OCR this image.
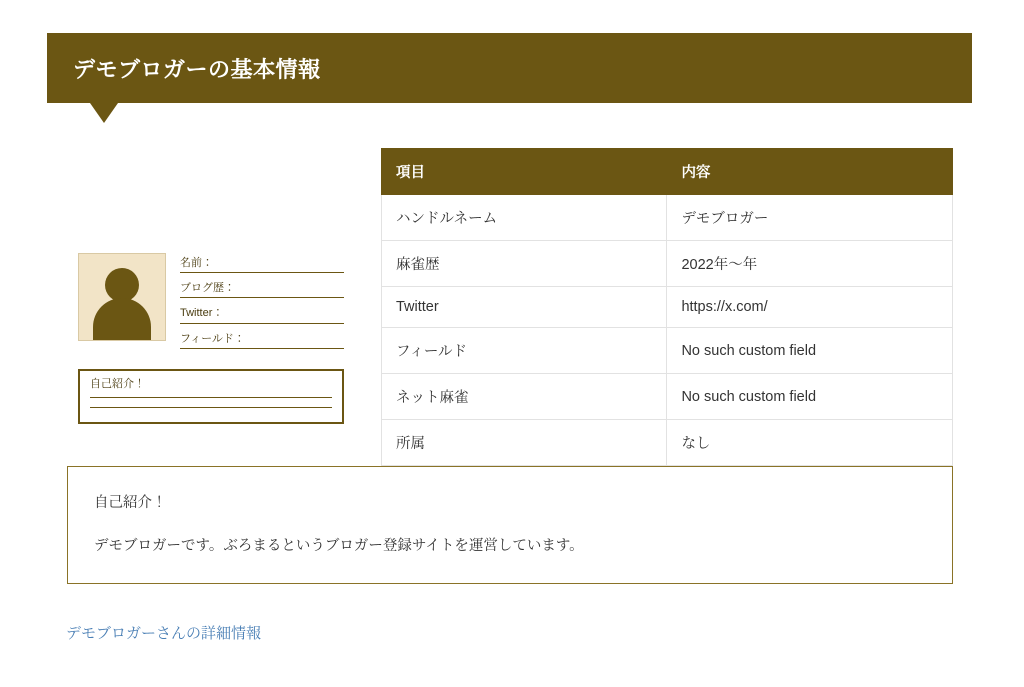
デモブロガーの基本情報
名前：
ブログ歴：
Twitter：
フィールド：
自己紹介！
項目	内容
ハンドルネーム	デモブロガー
麻雀歴	2022年〜年
Twitter	https://x.com/
フィールド	No such custom field
ネット麻雀	No such custom field
所属	なし

自己紹介！

デモブロガーです。ぶろまるというブロガー登録サイトを運営しています。

デモブロガーさんの詳細情報
